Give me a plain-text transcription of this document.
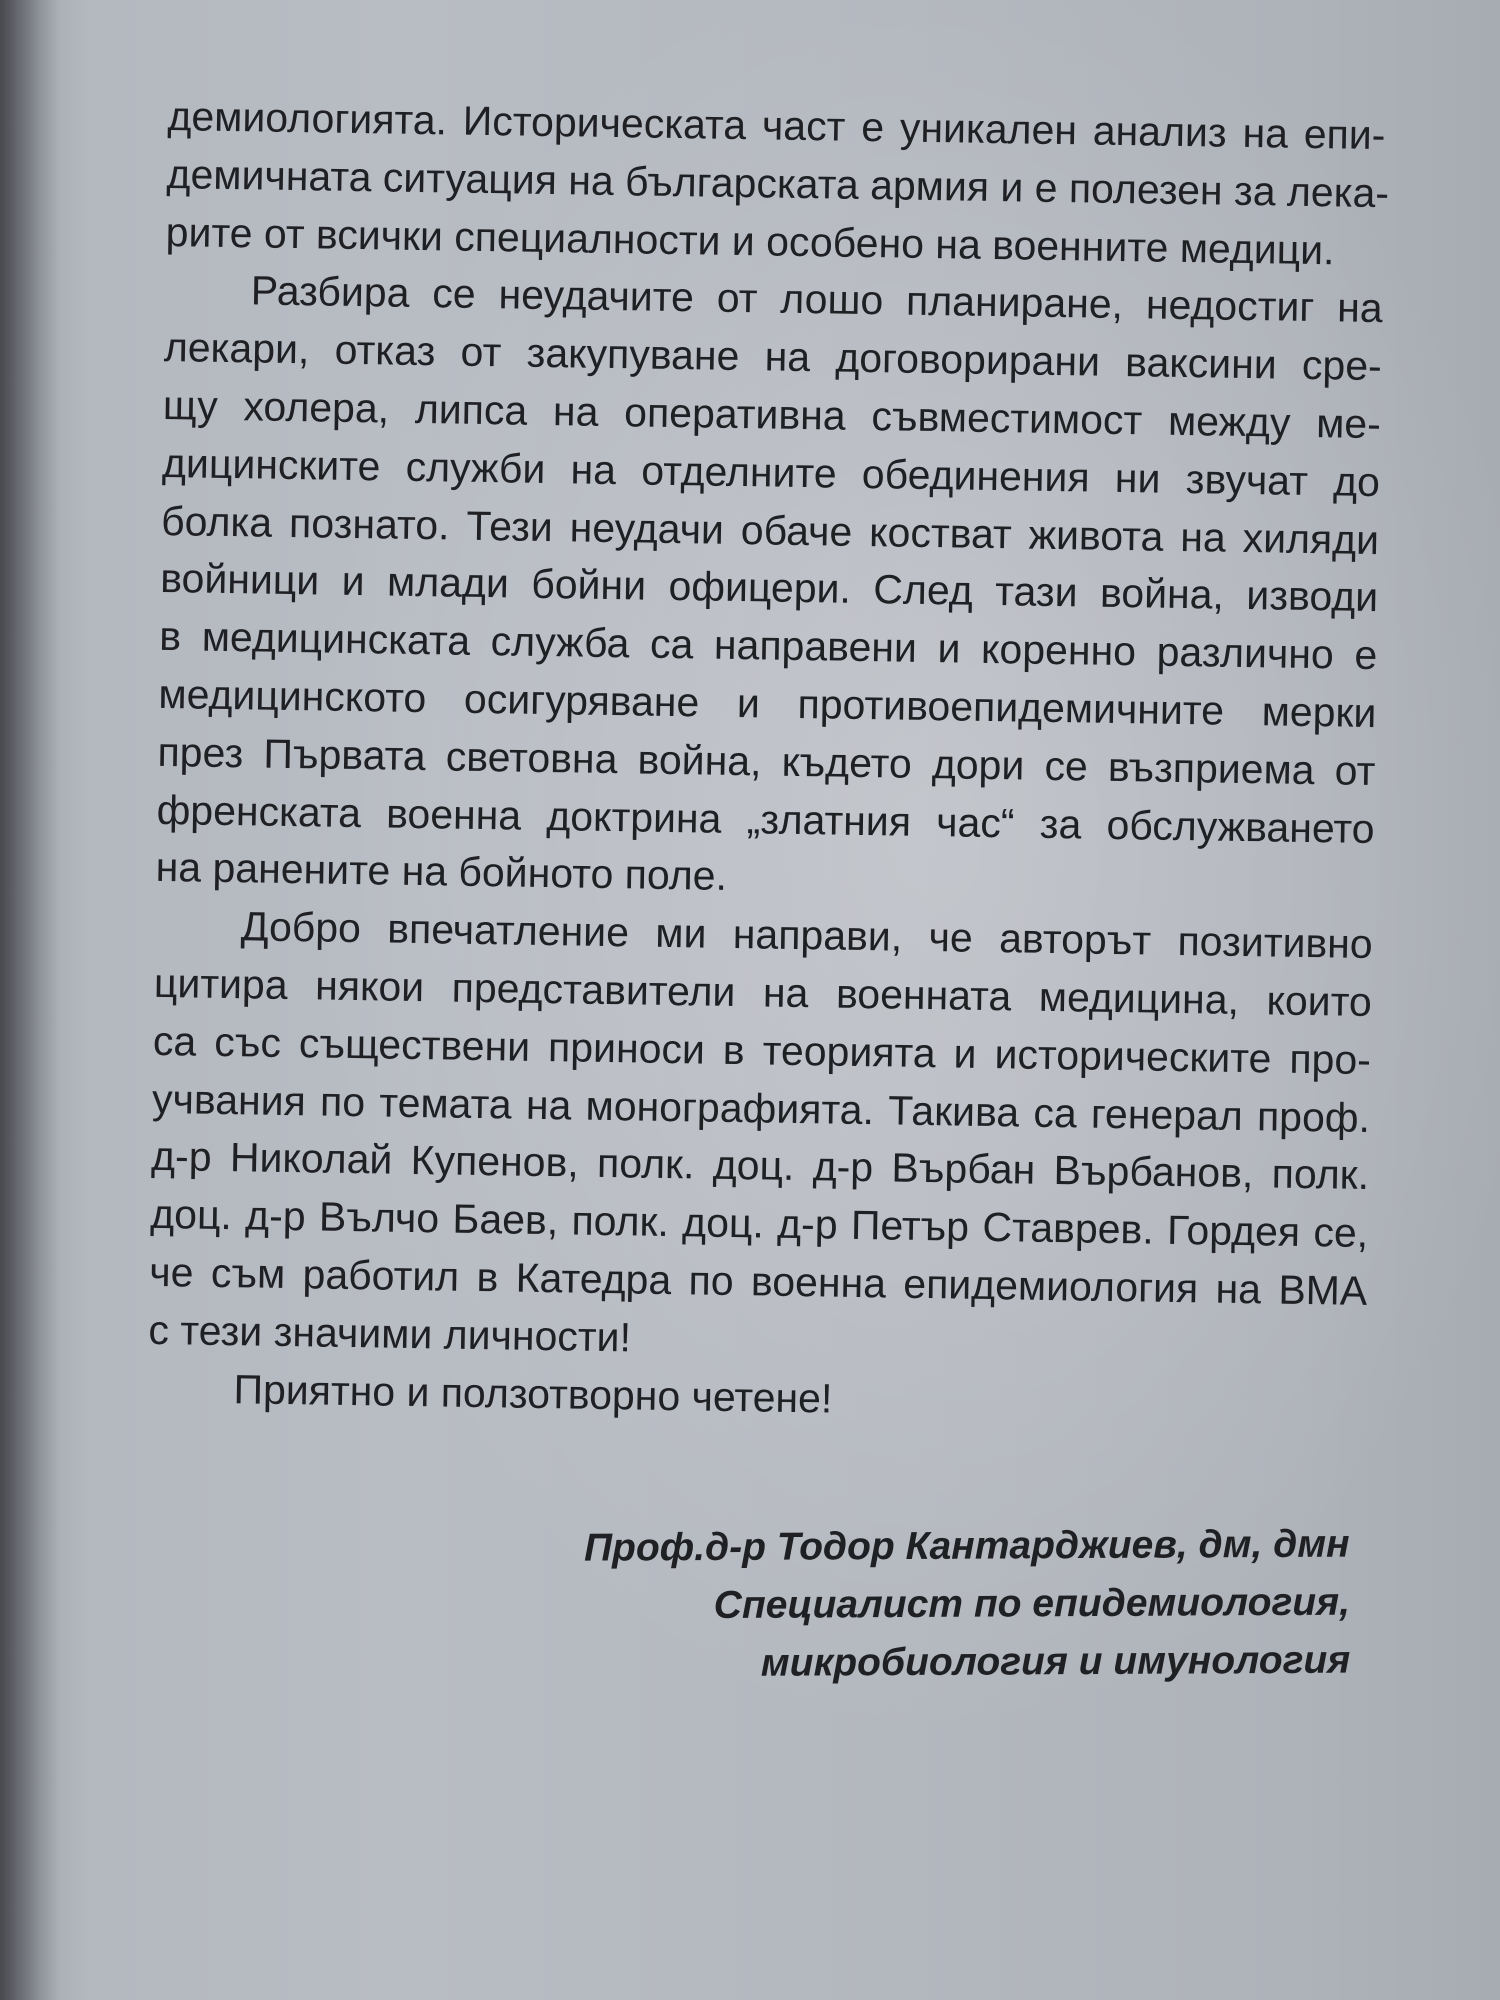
демиологията. Историческата част е уникален анализ на епи-
демичната ситуация на българската армия и е полезен за лека-
рите от всички специалности и особено на военните медици.
Разбира се неудачите от лошо планиране, недостиг на
лекари, отказ от закупуване на договорирани ваксини сре-
щу холера, липса на оперативна съвместимост между ме-
дицинските служби на отделните обединения ни звучат до
болка познато. Тези неудачи обаче костват живота на хиляди
войници и млади бойни офицери. След тази война, изводи
в медицинската служба са направени и коренно различно е
медицинското осигуряване и противоепидемичните мерки
през Първата световна война, където дори се възприема от
френската военна доктрина „златния час“ за обслужването
на ранените на бойното поле.
Добро впечатление ми направи, че авторът позитивно
цитира някои представители на военната медицина, които
са със съществени приноси в теорията и историческите про-
учвания по темата на монографията. Такива са генерал проф.
д-р Николай Купенов, полк. доц. д-р Върбан Върбанов, полк.
доц. д-р Вълчо Баев, полк. доц. д-р Петър Ставрев. Гордея се,
че съм работил в Катедра по военна епидемиология на ВМА
с тези значими личности!
Приятно и ползотворно четене!
Проф.д-р Тодор Кантарджиев, дм, дмн
Специалист по епидемиология,
микробиология и имунология
